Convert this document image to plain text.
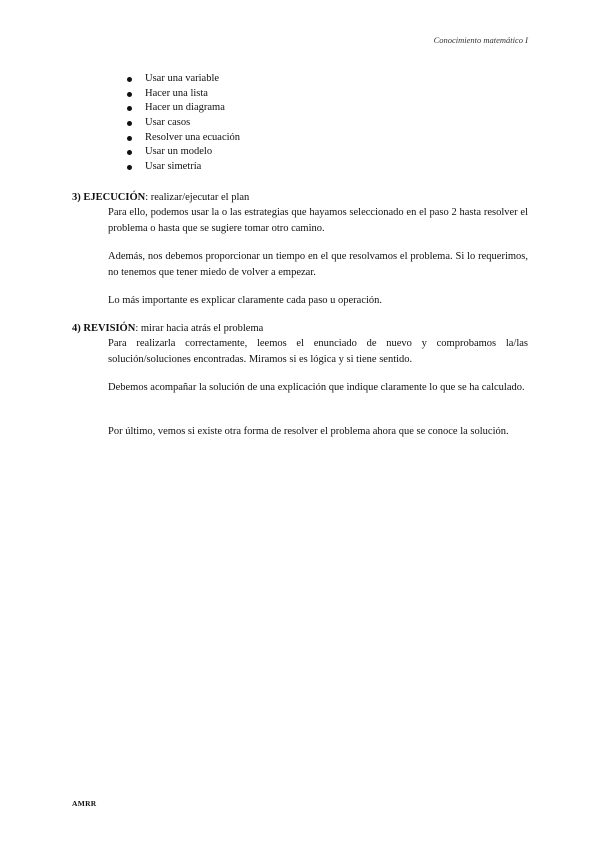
Conocimiento matemático I
Usar una variable
Hacer una lista
Hacer un diagrama
Usar casos
Resolver una ecuación
Usar un modelo
Usar simetría
3) EJECUCIÓN: realizar/ejecutar el plan

Para ello, podemos usar la o las estrategias que hayamos seleccionado en el paso 2 hasta resolver el problema o hasta que se sugiere tomar otro camino.

Además, nos debemos proporcionar un tiempo en el que resolvamos el problema. Si lo requerimos, no tenemos que tener miedo de volver a empezar.

Lo más importante es explicar claramente cada paso u operación.

4) REVISIÓN: mirar hacia atrás el problema

Para realizarla correctamente, leemos el enunciado de nuevo y comprobamos la/las solución/soluciones encontradas. Miramos si es lógica y si tiene sentido.

Debemos acompañar la solución de una explicación que indique claramente lo que se ha calculado.

Por último, vemos si existe otra forma de resolver el problema ahora que se conoce la solución.

AMRR
